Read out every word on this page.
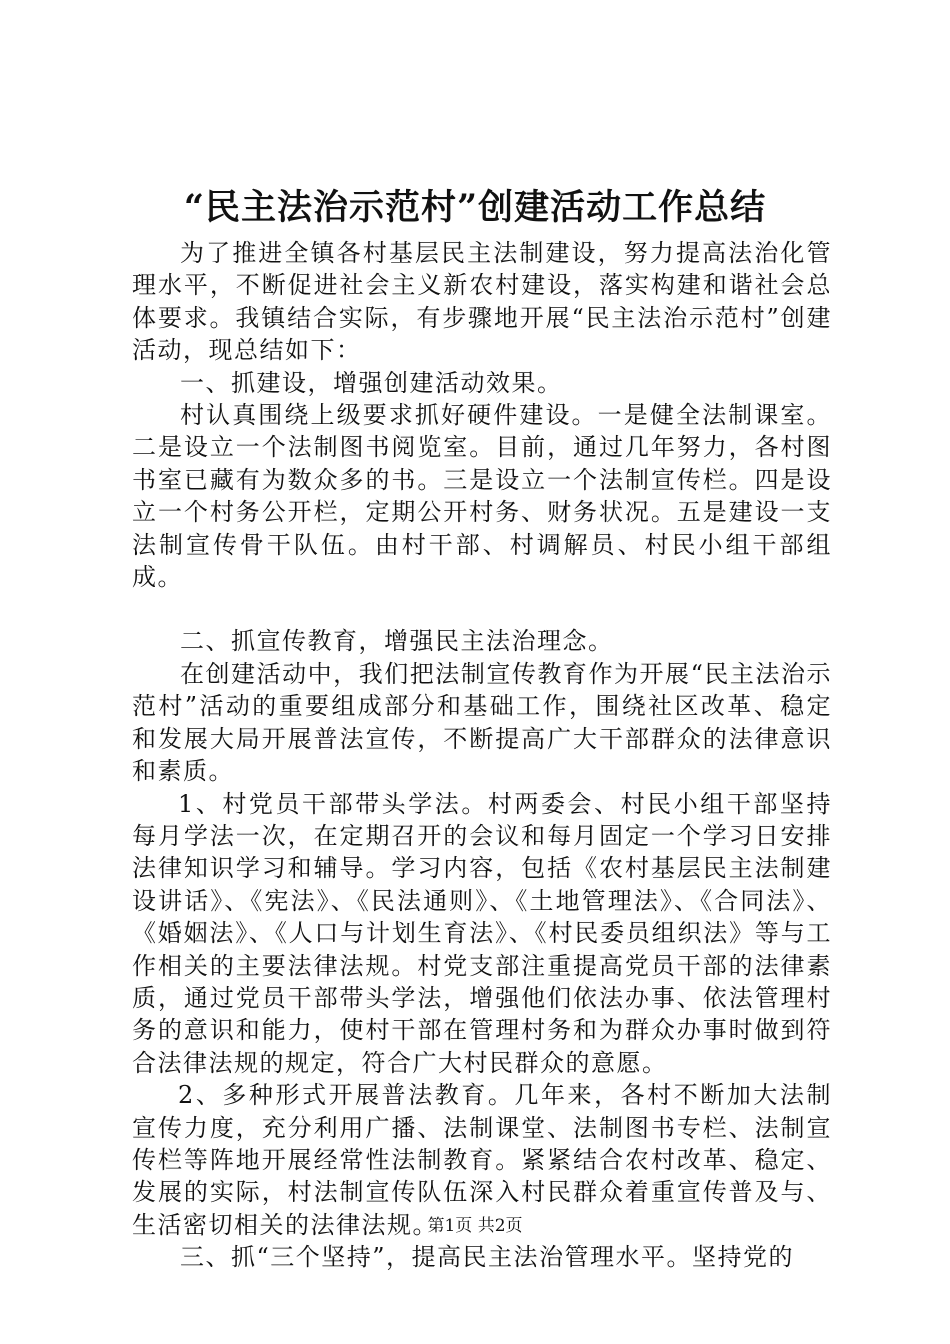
“民主法治示范村”创建活动工作总结

为了推进全镇各村基层民主法制建设，努力提高法治化管理水平，不断促进社会主义新农村建设，落实构建和谐社会总体要求。我镇结合实际，有步骤地开展“民主法治示范村”创建活动，现总结如下：

一、抓建设，增强创建活动效果。

村认真围绕上级要求抓好硬件建设。一是健全法制课室。二是设立一个法制图书阅览室。目前，通过几年努力，各村图书室已藏有为数众多的书。三是设立一个法制宣传栏。四是设立一个村务公开栏，定期公开村务、财务状况。五是建设一支法制宣传骨干队伍。由村干部、村调解员、村民小组干部组成。

二、抓宣传教育，增强民主法治理念。

在创建活动中，我们把法制宣传教育作为开展“民主法治示范村”活动的重要组成部分和基础工作，围绕社区改革、稳定和发展大局开展普法宣传，不断提高广大干部群众的法律意识和素质。

1、村党员干部带头学法。村两委会、村民小组干部坚持每月学法一次，在定期召开的会议和每月固定一个学习日安排法律知识学习和辅导。学习内容，包括《农村基层民主法制建设讲话》、《宪法》、《民法通则》、《土地管理法》、《合同法》、《婚姻法》、《人口与计划生育法》、《村民委员组织法》等与工作相关的主要法律法规。村党支部注重提高党员干部的法律素质，通过党员干部带头学法，增强他们依法办事、依法管理村务的意识和能力，使村干部在管理村务和为群众办事时做到符合法律法规的规定，符合广大村民群众的意愿。

2、多种形式开展普法教育。几年来，各村不断加大法制宣传力度，充分利用广播、法制课堂、法制图书专栏、法制宣传栏等阵地开展经常性法制教育。紧紧结合农村改革、稳定、发展的实际，村法制宣传队伍深入村民群众着重宣传普及与、生活密切相关的法律法规。

三、抓“三个坚持”，提高民主法治管理水平。坚持党的

第1页 共2页
